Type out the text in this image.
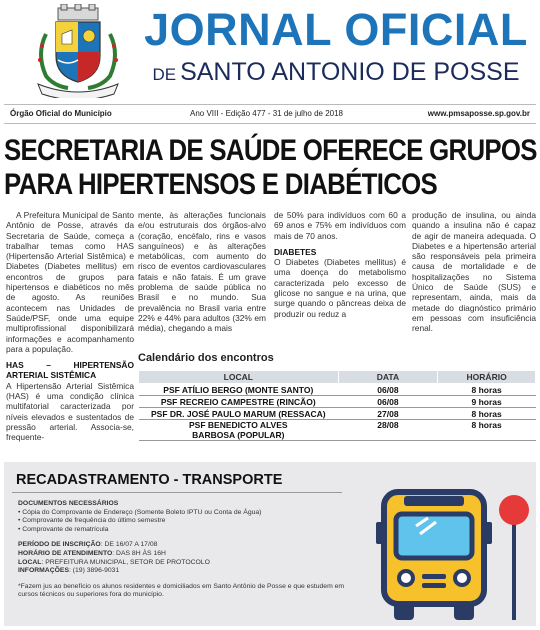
JORNAL OFICIAL
DE SANTO ANTONIO DE POSSE
Órgão Oficial do Município	Ano VIII - Edição 477 - 31 de julho de 2018	www.pmsaposse.sp.gov.br
SECRETARIA DE SAÚDE OFERECE GRUPOS
PARA HIPERTENSOS E DIABÉTICOS

A Prefeitura Municipal de Santo Antônio de Posse, através da Secretaria de Saúde, começa a trabalhar temas como HAS (Hipertensão Arterial Sistêmica) e Diabetes (Diabetes mellitus) em encontros de grupos para hipertensos e diabéticos no mês de agosto. As reuniões acontecem nas Unidades de Saúde/PSF, onde uma equipe multiprofissional disponibilizará informações e acompanhamento para a população.

HAS – HIPERTENSÃO ARTERIAL SISTÊMICA

A Hipertensão Arterial Sistêmica (HAS) é uma condição clínica multifatorial caracterizada por níveis elevados e sustentados de pressão arterial. Associa-se, frequente-

mente, às alterações funcionais e/ou estruturais dos órgãos-alvo (coração, encéfalo, rins e vasos sanguíneos) e às alterações metabólicas, com aumento do risco de eventos cardiovasculares fatais e não fatais. É um grave problema de saúde pública no Brasil e no mundo. Sua prevalência no Brasil varia entre 22% e 44% para adultos (32% em média), chegando a mais

de 50% para indivíduos com 60 a 69 anos e 75% em indivíduos com mais de 70 anos.

DIABETES

O Diabetes (Diabetes mellitus) é uma doença do metabolismo caracterizada pelo excesso de glicose no sangue e na urina, que surge quando o pâncreas deixa de produzir ou reduz a

produção de insulina, ou ainda quando a insulina não é capaz de agir de maneira adequada. O Diabetes e a hipertensão arterial são responsáveis pela primeira causa de mortalidade e de hospitalizações no Sistema Único de Saúde (SUS) e representam, ainda, mais da metade do diagnóstico primário em pessoas com insuficiência renal.

Calendário dos encontros
LOCAL	DATA	HORÁRIO
PSF ATÍLIO BERGO (MONTE SANTO)	06/08	8 horas
PSF RECREIO CAMPESTRE (RINCÃO)	06/08	9 horas
PSF DR. JOSÉ PAULO MARUM (RESSACA)	27/08	8 horas
PSF BENEDICTO ALVES BARBOSA (POPULAR)	28/08	8 horas
RECADASTRAMENTO - TRANSPORTE
DOCUMENTOS NECESSÁRIOS
• Cópia do Comprovante de Endereço (Somente Boleto IPTU ou Conta de Água)
• Comprovante de frequência do último semestre
• Comprovante de rematrícula
PERÍODO DE INSCRIÇÃO: DE 16/07 A 17/08
HORÁRIO DE ATENDIMENTO: DAS 8H ÀS 16H
LOCAL: PREFEITURA MUNICIPAL, SETOR DE PROTOCOLO
INFORMAÇÕES: (19) 3896-9031
*Fazem jus ao benefício os alunos residentes e domiciliados em Santo Antônio de Posse e que estudem em cursos técnicos ou superiores fora do município.
